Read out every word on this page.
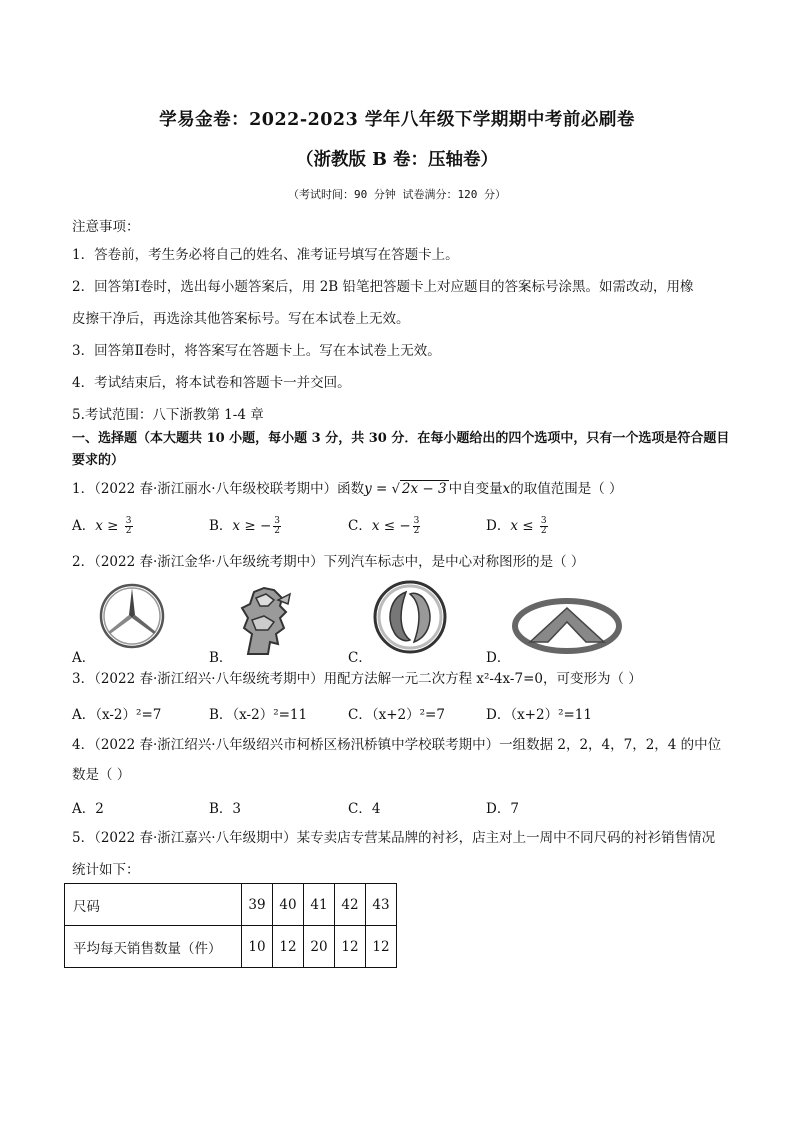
学易金卷：2022-2023 学年八年级下学期期中考前必刷卷
（浙教版 B 卷：压轴卷）
（考试时间：90 分钟 试卷满分：120 分）
注意事项：
1．答卷前，考生务必将自己的姓名、准考证号填写在答题卡上。
2．回答第Ⅰ卷时，选出每小题答案后，用 2B 铅笔把答题卡上对应题目的答案标号涂黑。如需改动，用橡
皮擦干净后，再选涂其他答案标号。写在本试卷上无效。
3．回答第Ⅱ卷时，将答案写在答题卡上。写在本试卷上无效。
4．考试结束后，将本试卷和答题卡一并交回。
5.考试范围：八下浙教第 1-4 章
一、选择题（本大题共 10 小题，每小题 3 分，共 30 分．在每小题给出的四个选项中，只有一个选项是符合题目要求的）
1．（2022 春·浙江丽水·八年级校联考期中）函数y = √ 2x − 3 中自变量x的取值范围是（ ）
A．$x \ge \frac{3}{2}$	B．x ≥ − $\frac{3}{2}$	C．x ≤ − $\frac{3}{2}$	D．$x \le \frac{3}{2}$
2．（2022 春·浙江金华·八年级统考期中）下列汽车标志中，是中心对称图形的是（ ）
A．	B．	C．	D．
3．（2022 春·浙江绍兴·八年级统考期中）用配方法解一元二次方程 x²-4x-7=0，可变形为（ ）
A．（x-2）²=7	B．（x-2）²=11	C．（x+2）²=7	D．（x+2）²=11
4．（2022 春·浙江绍兴·八年级绍兴市柯桥区杨汛桥镇中学校联考期中）一组数据 2，2，4，7，2，4 的中位
数是（ ）
A．2	B．3	C．4	D．7
5．（2022 春·浙江嘉兴·八年级期中）某专卖店专营某品牌的衬衫，店主对上一周中不同尺码的衬衫销售情况
统计如下：
尺码	39	40	41	42	43
平均每天销售数量（件）	10	12	20	12	12
